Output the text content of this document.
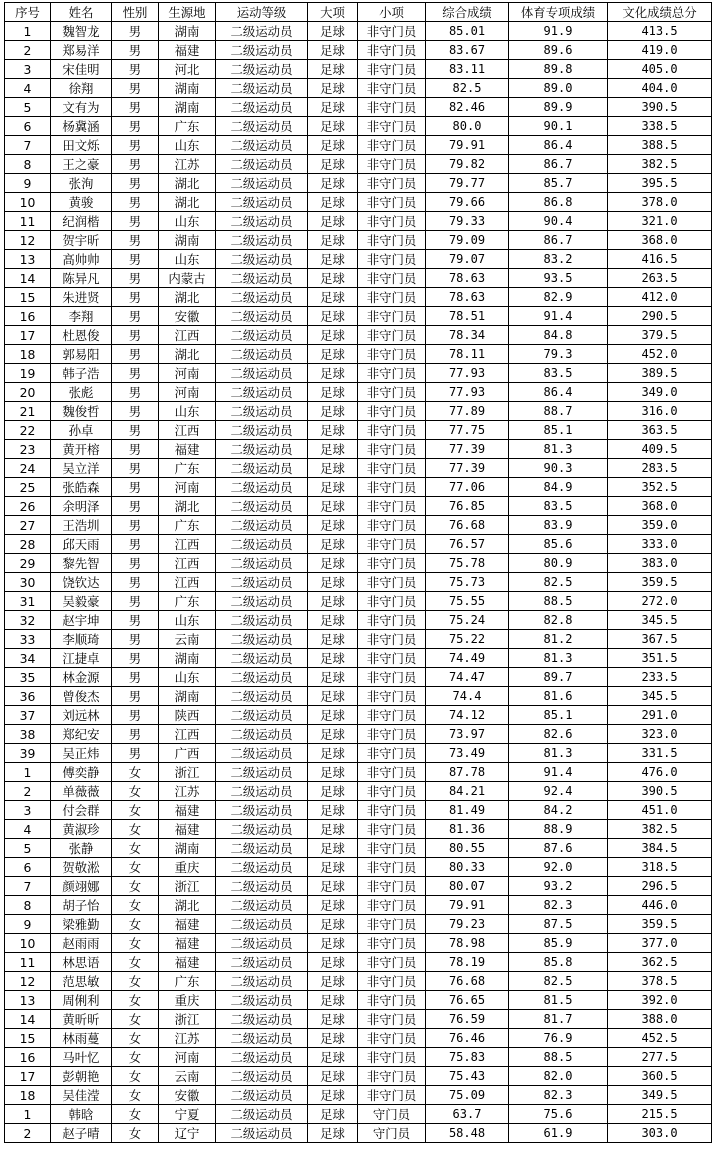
序号	姓名	性别	生源地	运动等级	大项	小项	综合成绩	体育专项成绩	文化成绩总分
1	魏智龙	男	湖南	二级运动员	足球	非守门员	85.01	91.9	413.5
2	郑易洋	男	福建	二级运动员	足球	非守门员	83.67	89.6	419.0
3	宋佳明	男	河北	二级运动员	足球	非守门员	83.11	89.8	405.0
4	徐翔	男	湖南	二级运动员	足球	非守门员	82.5	89.0	404.0
5	文有为	男	湖南	二级运动员	足球	非守门员	82.46	89.9	390.5
6	杨冀涵	男	广东	二级运动员	足球	非守门员	80.0	90.1	338.5
7	田文烁	男	山东	二级运动员	足球	非守门员	79.91	86.4	388.5
8	王之豪	男	江苏	二级运动员	足球	非守门员	79.82	86.7	382.5
9	张洵	男	湖北	二级运动员	足球	非守门员	79.77	85.7	395.5
10	黄骏	男	湖北	二级运动员	足球	非守门员	79.66	86.8	378.0
11	纪润楷	男	山东	二级运动员	足球	非守门员	79.33	90.4	321.0
12	贺宇昕	男	湖南	二级运动员	足球	非守门员	79.09	86.7	368.0
13	高帅帅	男	山东	二级运动员	足球	非守门员	79.07	83.2	416.5
14	陈异凡	男	内蒙古	二级运动员	足球	非守门员	78.63	93.5	263.5
15	朱进贤	男	湖北	二级运动员	足球	非守门员	78.63	82.9	412.0
16	李翔	男	安徽	二级运动员	足球	非守门员	78.51	91.4	290.5
17	杜恩俊	男	江西	二级运动员	足球	非守门员	78.34	84.8	379.5
18	郭易阳	男	湖北	二级运动员	足球	非守门员	78.11	79.3	452.0
19	韩子浩	男	河南	二级运动员	足球	非守门员	77.93	83.5	389.5
20	张彪	男	河南	二级运动员	足球	非守门员	77.93	86.4	349.0
21	魏俊哲	男	山东	二级运动员	足球	非守门员	77.89	88.7	316.0
22	孙卓	男	江西	二级运动员	足球	非守门员	77.75	85.1	363.5
23	黄开榕	男	福建	二级运动员	足球	非守门员	77.39	81.3	409.5
24	吴立洋	男	广东	二级运动员	足球	非守门员	77.39	90.3	283.5
25	张皓森	男	河南	二级运动员	足球	非守门员	77.06	84.9	352.5
26	余明泽	男	湖北	二级运动员	足球	非守门员	76.85	83.5	368.0
27	王浩圳	男	广东	二级运动员	足球	非守门员	76.68	83.9	359.0
28	邱天雨	男	江西	二级运动员	足球	非守门员	76.57	85.6	333.0
29	黎先智	男	江西	二级运动员	足球	非守门员	75.78	80.9	383.0
30	饶钦达	男	江西	二级运动员	足球	非守门员	75.73	82.5	359.5
31	吴毅豪	男	广东	二级运动员	足球	非守门员	75.55	88.5	272.0
32	赵宇坤	男	山东	二级运动员	足球	非守门员	75.24	82.8	345.5
33	李顺琦	男	云南	二级运动员	足球	非守门员	75.22	81.2	367.5
34	江捷卓	男	湖南	二级运动员	足球	非守门员	74.49	81.3	351.5
35	林金源	男	山东	二级运动员	足球	非守门员	74.47	89.7	233.5
36	曾俊杰	男	湖南	二级运动员	足球	非守门员	74.4	81.6	345.5
37	刘远林	男	陕西	二级运动员	足球	非守门员	74.12	85.1	291.0
38	郑纪安	男	江西	二级运动员	足球	非守门员	73.97	82.6	323.0
39	吴正炜	男	广西	二级运动员	足球	非守门员	73.49	81.3	331.5
1	傅奕静	女	浙江	二级运动员	足球	非守门员	87.78	91.4	476.0
2	单薇薇	女	江苏	二级运动员	足球	非守门员	84.21	92.4	390.5
3	付会群	女	福建	二级运动员	足球	非守门员	81.49	84.2	451.0
4	黄淑珍	女	福建	二级运动员	足球	非守门员	81.36	88.9	382.5
5	张静	女	湖南	二级运动员	足球	非守门员	80.55	87.6	384.5
6	贺敬淞	女	重庆	二级运动员	足球	非守门员	80.33	92.0	318.5
7	颜翊娜	女	浙江	二级运动员	足球	非守门员	80.07	93.2	296.5
8	胡子怡	女	湖北	二级运动员	足球	非守门员	79.91	82.3	446.0
9	梁雅勤	女	福建	二级运动员	足球	非守门员	79.23	87.5	359.5
10	赵雨雨	女	福建	二级运动员	足球	非守门员	78.98	85.9	377.0
11	林思语	女	福建	二级运动员	足球	非守门员	78.19	85.8	362.5
12	范思敏	女	广东	二级运动员	足球	非守门员	76.68	82.5	378.5
13	周俐利	女	重庆	二级运动员	足球	非守门员	76.65	81.5	392.0
14	黄昕昕	女	浙江	二级运动员	足球	非守门员	76.59	81.7	388.0
15	林雨蔓	女	江苏	二级运动员	足球	非守门员	76.46	76.9	452.5
16	马叶忆	女	河南	二级运动员	足球	非守门员	75.83	88.5	277.5
17	彭朝艳	女	云南	二级运动员	足球	非守门员	75.43	82.0	360.5
18	吴佳滢	女	安徽	二级运动员	足球	非守门员	75.09	82.3	349.5
1	韩晗	女	宁夏	二级运动员	足球	守门员	63.7	75.6	215.5
2	赵子晴	女	辽宁	二级运动员	足球	守门员	58.48	61.9	303.0
